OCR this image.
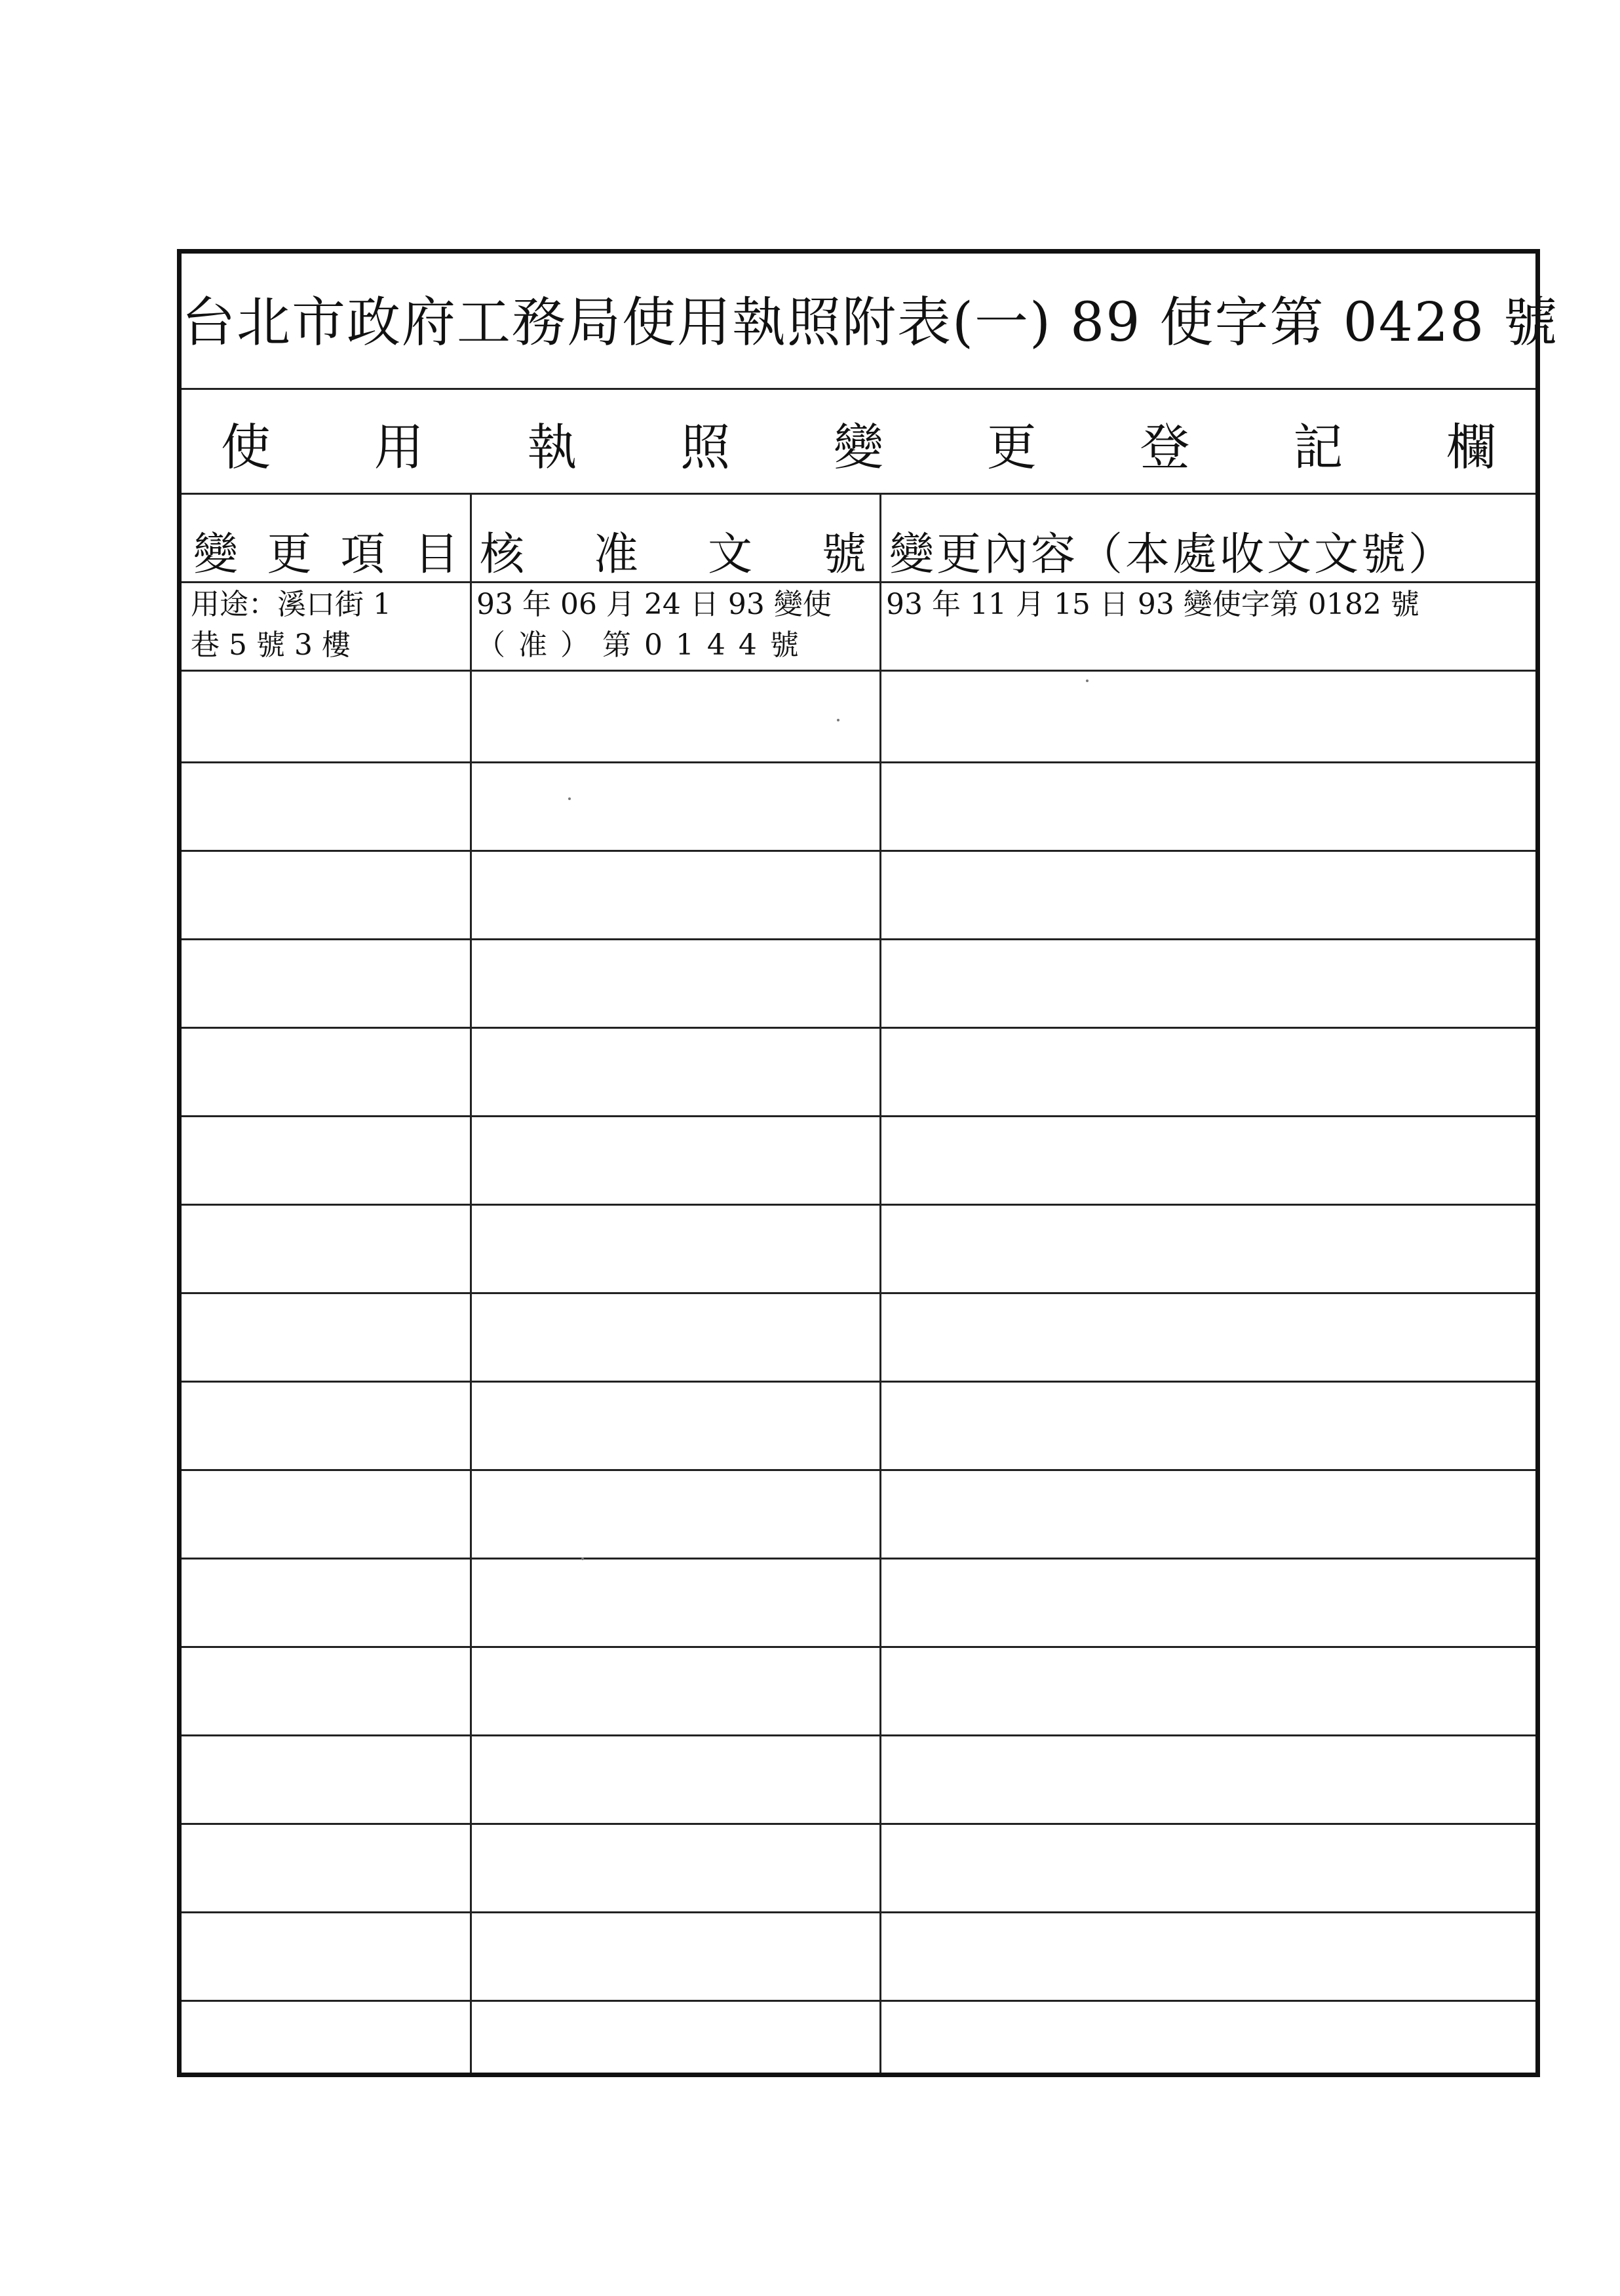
台北市政府工務局使用執照附表(一) 89 使字第 0428 號
使 用 執 照 變 更 登 記 欄
變 更 項 目 核 准 文 號 變更內容（本處收文文號）
用途：溪口街 1
巷 5 號 3 樓
93 年 06 月 24 日 93 變使
（ 准 ） 第 0 1 4 4 號
93 年 11 月 15 日 93 變使字第 0182 號
